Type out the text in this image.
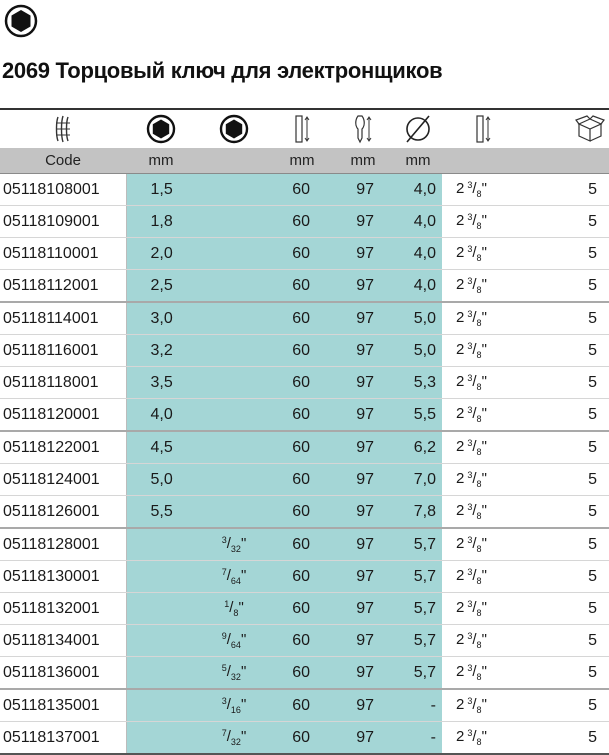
2069 Торцовый ключ для электронщиков

Code	mm		mm	mm	mm		
05118108001	1,5		60	97	4,0	2  $^3/_8$"	5
05118109001	1,8		60	97	4,0	2  $^3/_8$"	5
05118110001	2,0		60	97	4,0	2  $^3/_8$"	5
05118112001	2,5		60	97	4,0	2  $^3/_8$"	5
05118114001	3,0		60	97	5,0	2  $^3/_8$"	5
05118116001	3,2		60	97	5,0	2  $^3/_8$"	5
05118118001	3,5		60	97	5,3	2  $^3/_8$"	5
05118120001	4,0		60	97	5,5	2  $^3/_8$"	5
05118122001	4,5		60	97	6,2	2  $^3/_8$"	5
05118124001	5,0		60	97	7,0	2  $^3/_8$"	5
05118126001	5,5		60	97	7,8	2  $^3/_8$"	5
05118128001		$^3/_{32}$"	60	97	5,7	2  $^3/_8$"	5
05118130001		$^7/_{64}$"	60	97	5,7	2  $^3/_8$"	5
05118132001		$^1/_8$"	60	97	5,7	2  $^3/_8$"	5
05118134001		$^9/_{64}$"	60	97	5,7	2  $^3/_8$"	5
05118136001		$^5/_{32}$"	60	97	5,7	2  $^3/_8$"	5
05118135001		$^3/_{16}$"	60	97	-	2  $^3/_8$"	5
05118137001		$^7/_{32}$"	60	97	-	2  $^3/_8$"	5
